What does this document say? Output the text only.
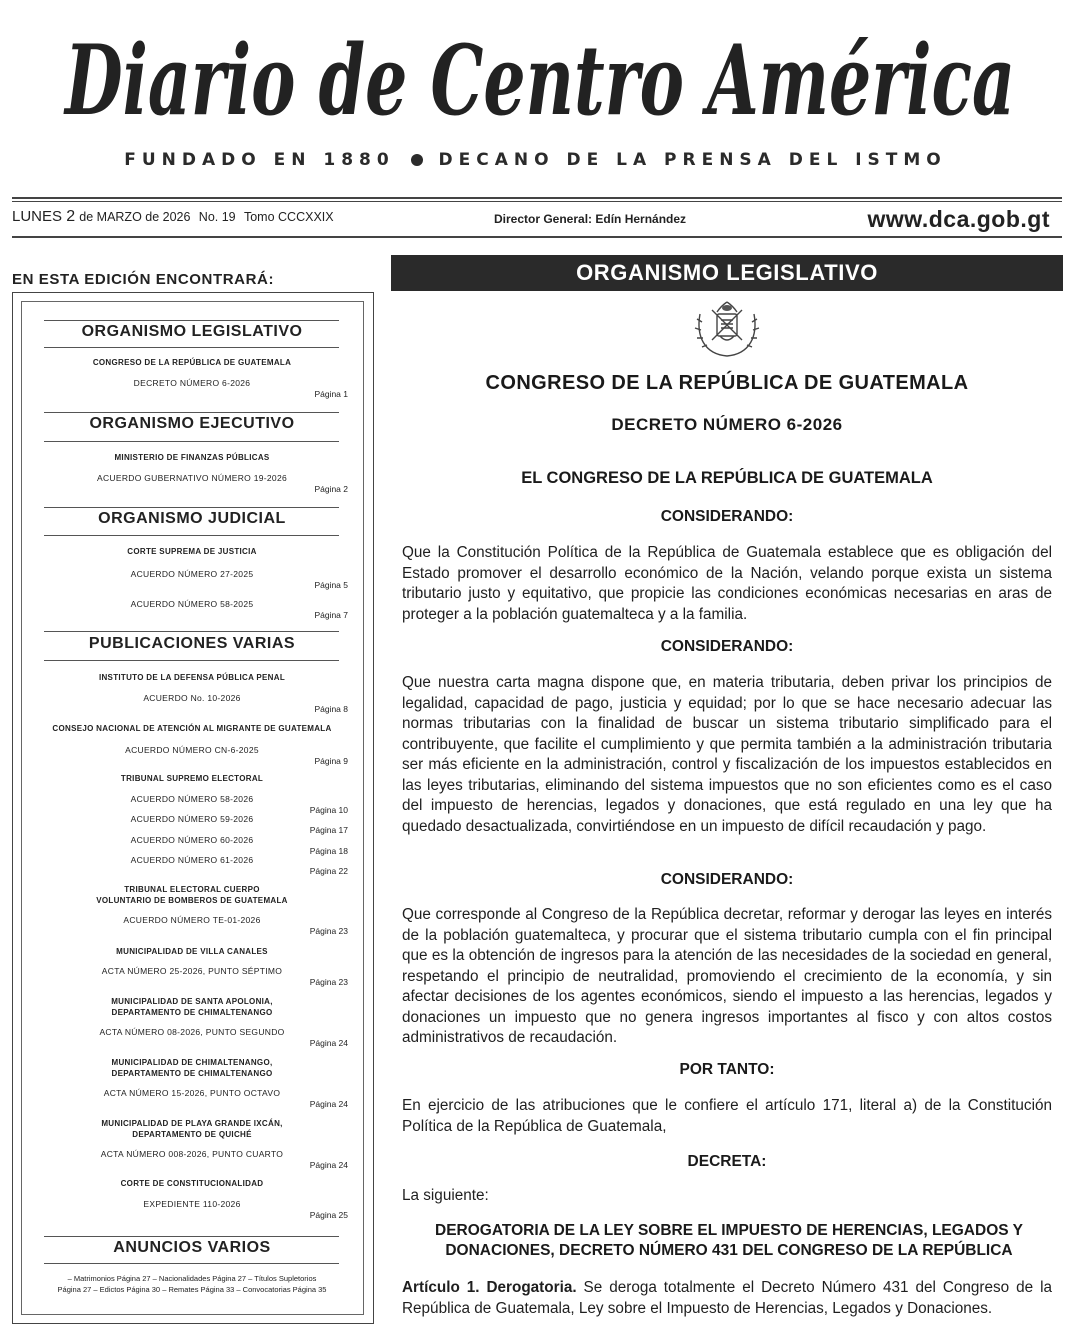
Diario de Centro América
FUNDADO EN 1880	DECANO DE LA PRENSA DEL ISTMO
LUNES 2 de MARZO de 2026 No. 19 Tomo CCCXXIX	Director General: Edín Hernández	www.dca.gob.gt
EN ESTA EDICIÓN ENCONTRARÁ:
ORGANISMO LEGISLATIVO
CONGRESO DE LA REPÚBLICA DE GUATEMALA
DECRETO NÚMERO 6-2026
Página 1
ORGANISMO EJECUTIVO
MINISTERIO DE FINANZAS PÚBLICAS
ACUERDO GUBERNATIVO NÚMERO 19-2026
Página 2
ORGANISMO JUDICIAL
CORTE SUPREMA DE JUSTICIA
ACUERDO NÚMERO 27-2025
Página 5
ACUERDO NÚMERO 58-2025
Página 7
PUBLICACIONES VARIAS
INSTITUTO DE LA DEFENSA PÚBLICA PENAL
ACUERDO No. 10-2026
Página 8
CONSEJO NACIONAL DE ATENCIÓN AL MIGRANTE DE GUATEMALA
ACUERDO NÚMERO CN-6-2025
Página 9
TRIBUNAL SUPREMO ELECTORAL
ACUERDO NÚMERO 58-2026
Página 10
ACUERDO NÚMERO 59-2026
Página 17
ACUERDO NÚMERO 60-2026
Página 18
ACUERDO NÚMERO 61-2026
Página 22
TRIBUNAL ELECTORAL CUERPO
VOLUNTARIO DE BOMBEROS DE GUATEMALA
ACUERDO NÚMERO TE-01-2026
Página 23
MUNICIPALIDAD DE VILLA CANALES
ACTA NÚMERO 25-2026, PUNTO SÉPTIMO
Página 23
MUNICIPALIDAD DE SANTA APOLONIA,
DEPARTAMENTO DE CHIMALTENANGO
ACTA NÚMERO 08-2026, PUNTO SEGUNDO
Página 24
MUNICIPALIDAD DE CHIMALTENANGO,
DEPARTAMENTO DE CHIMALTENANGO
ACTA NÚMERO 15-2026, PUNTO OCTAVO
Página 24
MUNICIPALIDAD DE PLAYA GRANDE IXCÁN,
DEPARTAMENTO DE QUICHÉ
ACTA NÚMERO 008-2026, PUNTO CUARTO
Página 24
CORTE DE CONSTITUCIONALIDAD
EXPEDIENTE 110-2026
Página 25
ANUNCIOS VARIOS
– Matrimonios Página 27 – Nacionalidades Página 27 – Títulos Supletorios
Página 27 – Edictos Página 30 – Remates Página 33 – Convocatorias Página 35
ORGANISMO LEGISLATIVO
CONGRESO DE LA REPÚBLICA DE GUATEMALA
DECRETO NÚMERO 6-2026
EL CONGRESO DE LA REPÚBLICA DE GUATEMALA
CONSIDERANDO:
Que la Constitución Política de la República de Guatemala establece que es obligación del Estado promover el desarrollo económico de la Nación, velando porque exista un sistema tributario justo y equitativo, que propicie las condiciones económicas necesarias en aras de proteger a la población guatemalteca y a la familia.
CONSIDERANDO:
Que nuestra carta magna dispone que, en materia tributaria, deben privar los principios de legalidad, capacidad de pago, justicia y equidad; por lo que se hace necesario adecuar las normas tributarias con la finalidad de buscar un sistema tributario simplificado para el contribuyente, que facilite el cumplimiento y que permita también a la administración tributaria ser más eficiente en la administración, control y fiscalización de los impuestos establecidos en las leyes tributarias, eliminando del sistema impuestos que no son eficientes como es el caso del impuesto de herencias, legados y donaciones, que está regulado en una ley que ha quedado desactualizada, convirtiéndose en un impuesto de difícil recaudación y pago.
CONSIDERANDO:
Que corresponde al Congreso de la República decretar, reformar y derogar las leyes en interés de la población guatemalteca, y procurar que el sistema tributario cumpla con el fin principal que es la obtención de ingresos para la atención de las necesidades de la sociedad en general, respetando el principio de neutralidad, promoviendo el crecimiento de la economía, y sin afectar decisiones de los agentes económicos, siendo el impuesto a las herencias, legados y donaciones un impuesto que no genera ingresos importantes al fisco y con altos costos administrativos de recaudación.
POR TANTO:
En ejercicio de las atribuciones que le confiere el artículo 171, literal a) de la Constitución Política de la República de Guatemala,
DECRETA:
La siguiente:
DEROGATORIA DE LA LEY SOBRE EL IMPUESTO DE HERENCIAS, LEGADOS Y DONACIONES, DECRETO NÚMERO 431 DEL CONGRESO DE LA REPÚBLICA
Artículo 1. Derogatoria. Se deroga totalmente el Decreto Número 431 del Congreso de la República de Guatemala, Ley sobre el Impuesto de Herencias, Legados y Donaciones.
